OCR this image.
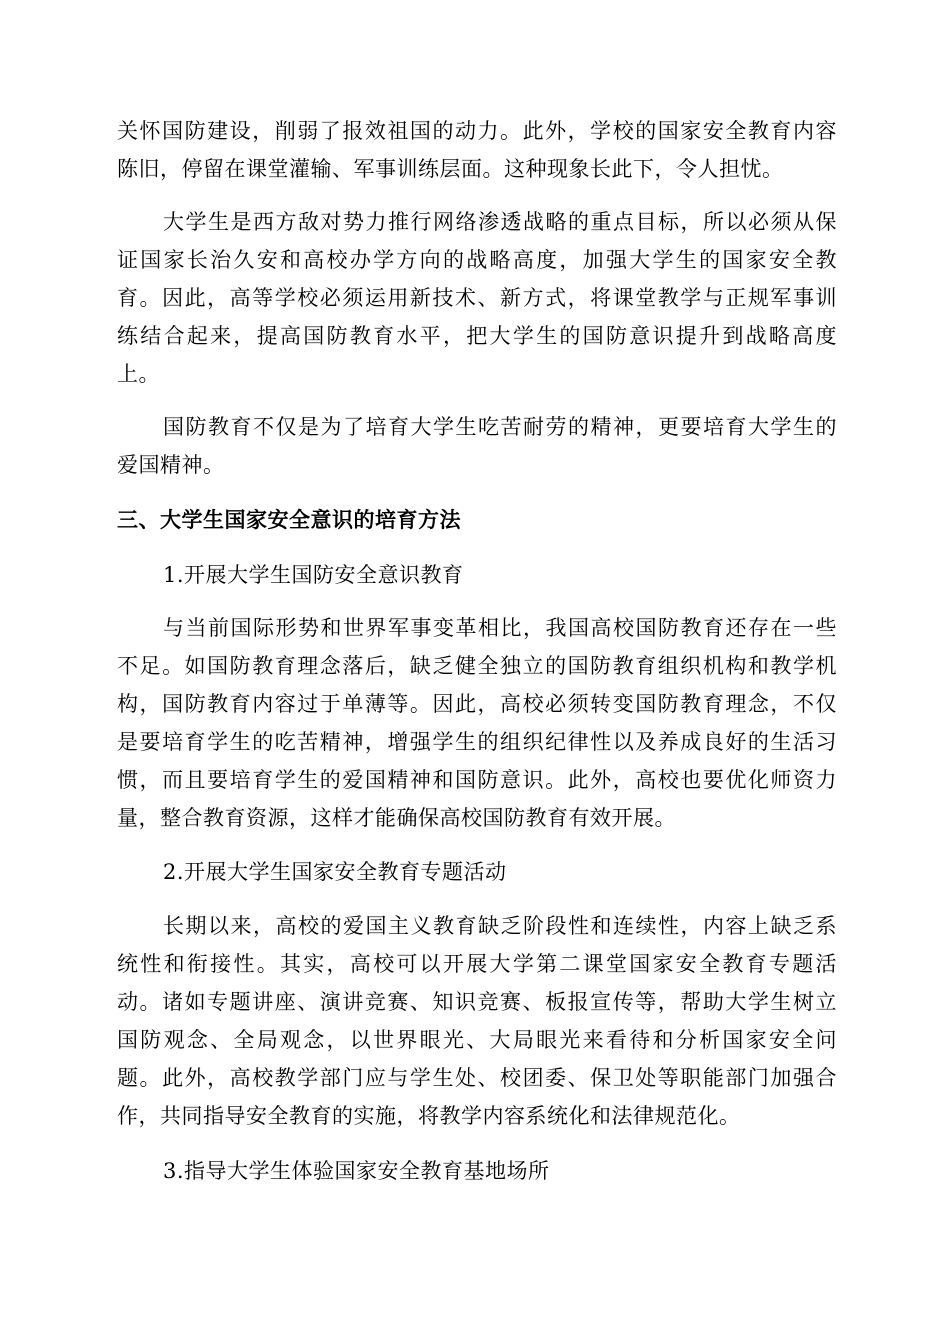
关怀国防建设，削弱了报效祖国的动力。此外，学校的国家安全教育内容
陈旧，停留在课堂灌输、军事训练层面。这种现象长此下，令人担忧。
大学生是西方敌对势力推行网络渗透战略的重点目标，所以必须从保
证国家长治久安和高校办学方向的战略高度，加强大学生的国家安全教
育。因此，高等学校必须运用新技术、新方式，将课堂教学与正规军事训
练结合起来，提高国防教育水平，把大学生的国防意识提升到战略高度
上。
国防教育不仅是为了培育大学生吃苦耐劳的精神，更要培育大学生的
爱国精神。
三、大学生国家安全意识的培育方法
1.开展大学生国防安全意识教育
与当前国际形势和世界军事变革相比，我国高校国防教育还存在一些
不足。如国防教育理念落后，缺乏健全独立的国防教育组织机构和教学机
构，国防教育内容过于单薄等。因此，高校必须转变国防教育理念，不仅
是要培育学生的吃苦精神，增强学生的组织纪律性以及养成良好的生活习
惯，而且要培育学生的爱国精神和国防意识。此外，高校也要优化师资力
量，整合教育资源，这样才能确保高校国防教育有效开展。
2.开展大学生国家安全教育专题活动
长期以来，高校的爱国主义教育缺乏阶段性和连续性，内容上缺乏系
统性和衔接性。其实，高校可以开展大学第二课堂国家安全教育专题活
动。诸如专题讲座、演讲竞赛、知识竞赛、板报宣传等，帮助大学生树立
国防观念、全局观念，以世界眼光、大局眼光来看待和分析国家安全问
题。此外，高校教学部门应与学生处、校团委、保卫处等职能部门加强合
作，共同指导安全教育的实施，将教学内容系统化和法律规范化。
3.指导大学生体验国家安全教育基地场所
